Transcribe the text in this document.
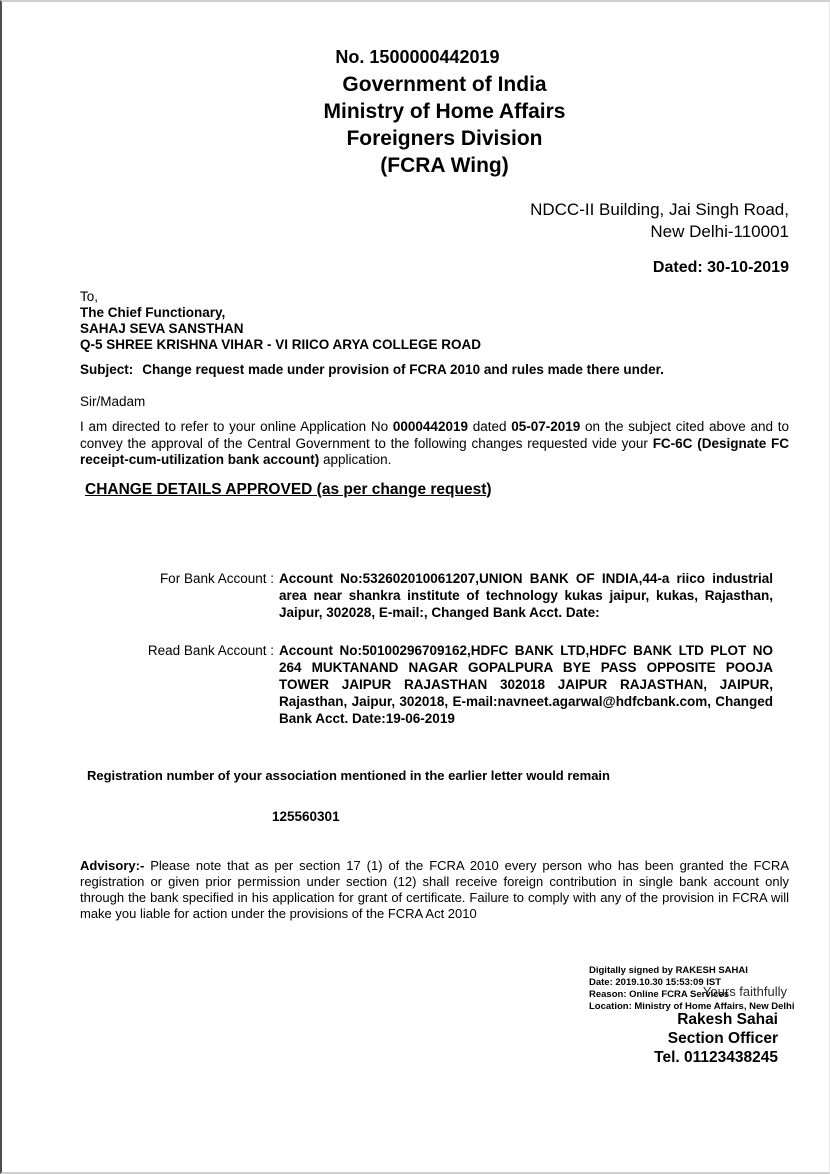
No. 1500000442019
Government of India
Ministry of Home Affairs
Foreigners Division
(FCRA Wing)
NDCC-II Building, Jai Singh Road,
New Delhi-110001
Dated: 30-10-2019
To,
The Chief Functionary,
SAHAJ SEVA SANSTHAN
Q-5 SHREE KRISHNA VIHAR - VI RIICO ARYA COLLEGE ROAD
Subject: Change request made under provision of FCRA 2010 and rules made there under.
Sir/Madam

I am directed to refer to your online Application No 0000442019 dated 05-07-2019 on the subject cited above and to convey the approval of the Central Government to the following changes requested vide your FC-6C (Designate FC receipt-cum-utilization bank account) application.

CHANGE DETAILS APPROVED (as per change request)
For Bank Account : Account No:532602010061207,UNION BANK OF INDIA,44-a riico industrial area near shankra institute of technology kukas jaipur, kukas, Rajasthan, Jaipur, 302028, E-mail:, Changed Bank Acct. Date:
Read Bank Account : Account No:50100296709162,HDFC BANK LTD,HDFC BANK LTD PLOT NO 264 MUKTANAND NAGAR GOPALPURA BYE PASS OPPOSITE POOJA TOWER JAIPUR RAJASTHAN 302018 JAIPUR RAJASTHAN, JAIPUR, Rajasthan, Jaipur, 302018, E-mail:navneet.agarwal@hdfcbank.com, Changed Bank Acct. Date:19-06-2019
Registration number of your association mentioned in the earlier letter would remain
125560301

Advisory:- Please note that as per section 17 (1) of the FCRA 2010 every person who has been granted the FCRA registration or given prior permission under section (12) shall receive foreign contribution in single bank account only through the bank specified in his application for grant of certificate. Failure to comply with any of the provision in FCRA will make you liable for action under the provisions of the FCRA Act 2010

Yours faithfully
Digitally signed by RAKESH SAHAI
Date: 2019.10.30 15:53:09 IST
Reason: Online FCRA Services
Location: Ministry of Home Affairs, New Delhi
Rakesh Sahai
Section Officer
Tel. 01123438245
